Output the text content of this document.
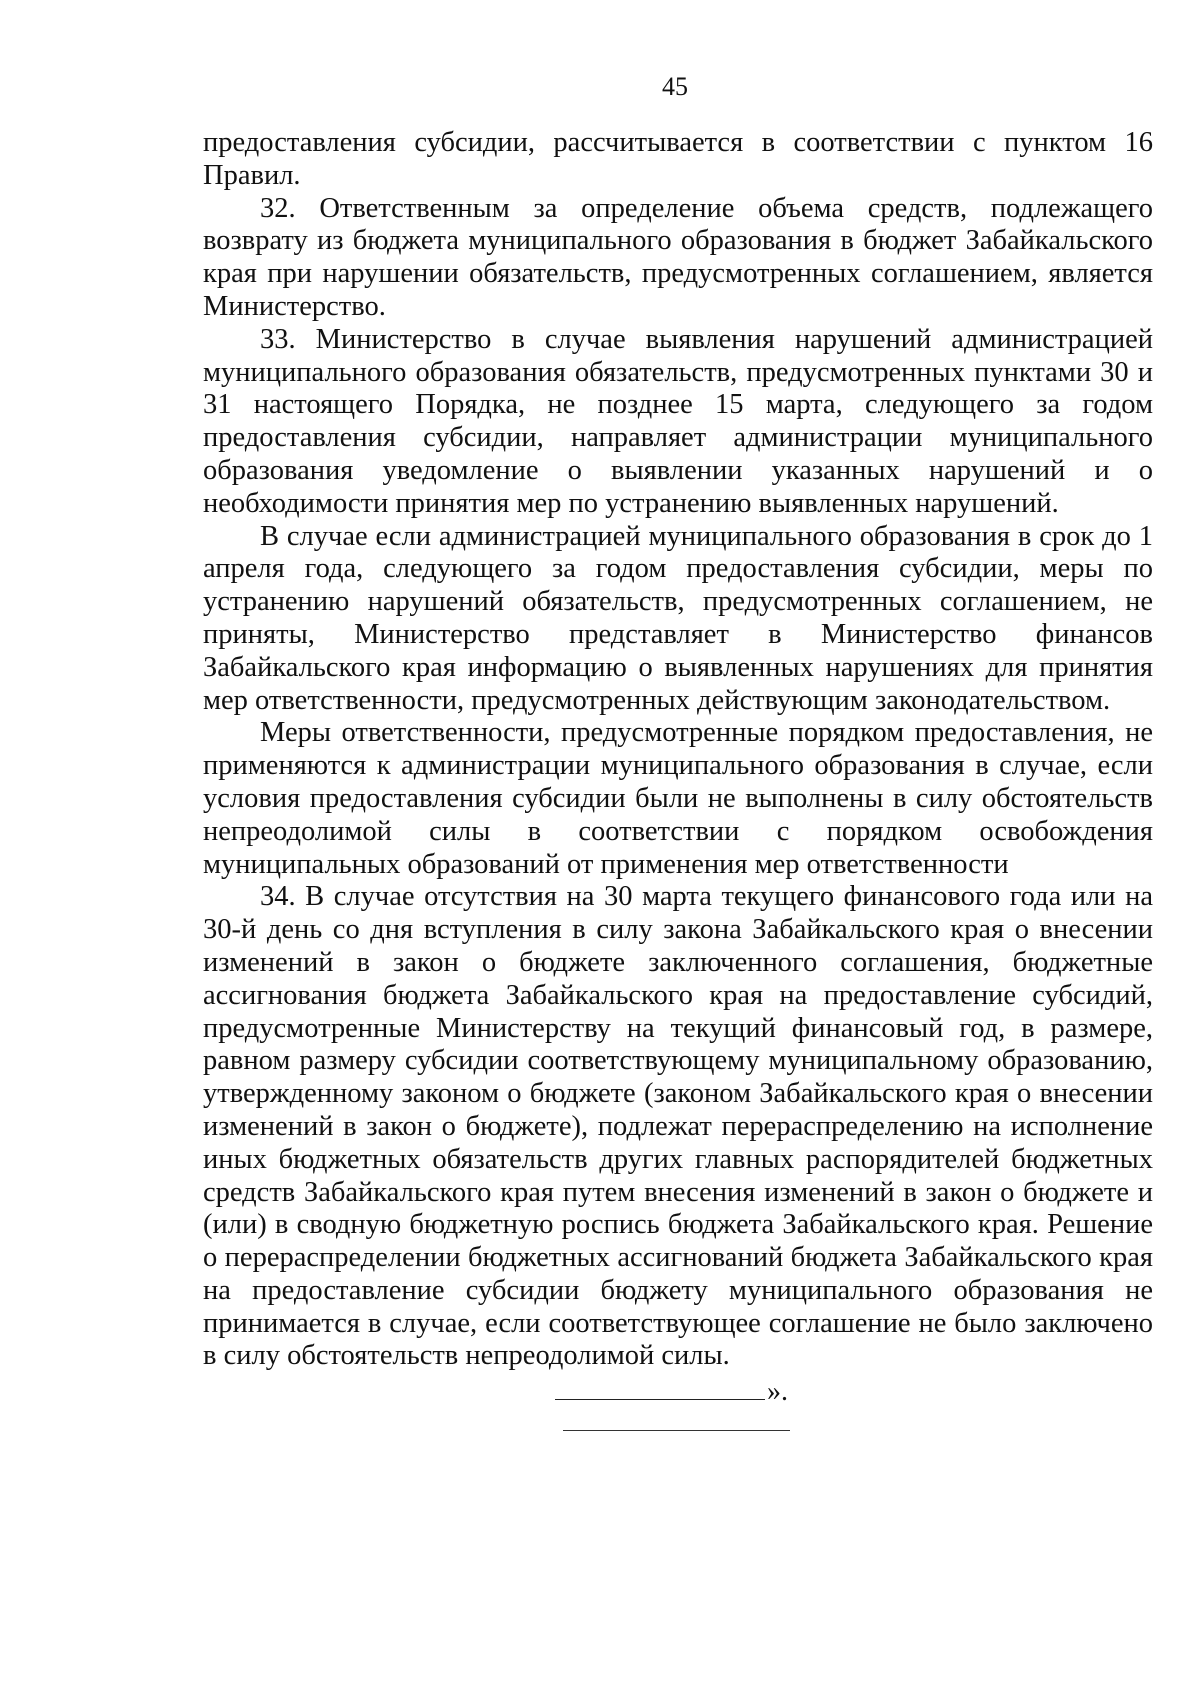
45

предоставления субсидии, рассчитывается в соответствии с пунктом 16 Правил.

32. Ответственным за определение объема средств, подлежащего возврату из бюджета муниципального образования в бюджет Забайкальского края при нарушении обязательств, предусмотренных соглашением, является Министерство.

33. Министерство в случае выявления нарушений администрацией муниципального образования обязательств, предусмотренных пунктами 30 и 31 настоящего Порядка, не позднее 15 марта, следующего за годом предоставления субсидии, направляет администрации муниципального образования уведомление о выявлении указанных нарушений и о необходимости принятия мер по устранению выявленных нарушений.

В случае если администрацией муниципального образования в срок до 1 апреля года, следующего за годом предоставления субсидии, меры по устранению нарушений обязательств, предусмотренных соглашением, не приняты, Министерство представляет в Министерство финансов Забайкальского края информацию о выявленных нарушениях для принятия мер ответственности, предусмотренных действующим законодательством.

Меры ответственности, предусмотренные порядком предоставления, не применяются к администрации муниципального образования в случае, если условия предоставления субсидии были не выполнены в силу обстоятельств непреодолимой силы в соответствии с порядком освобождения муниципальных образований от применения мер ответственности

34. В случае отсутствия на 30 марта текущего финансового года или на 30-й день со дня вступления в силу закона Забайкальского края о внесении изменений в закон о бюджете заключенного соглашения, бюджетные ассигнования бюджета Забайкальского края на предоставление субсидий, предусмотренные Министерству на текущий финансовый год, в размере, равном размеру субсидии соответствующему муниципальному образованию, утвержденному законом о бюджете (законом Забайкальского края о внесении изменений в закон о бюджете), подлежат перераспределению на исполнение иных бюджетных обязательств других главных распорядителей бюджетных средств Забайкальского края путем внесения изменений в закон о бюджете и (или) в сводную бюджетную роспись бюджета Забайкальского края. Решение о перераспределении бюджетных ассигнований бюджета Забайкальского края на предоставление субсидии бюджету муниципального образования не принимается в случае, если соответствующее соглашение не было заключено в силу обстоятельств непреодолимой силы.

».
